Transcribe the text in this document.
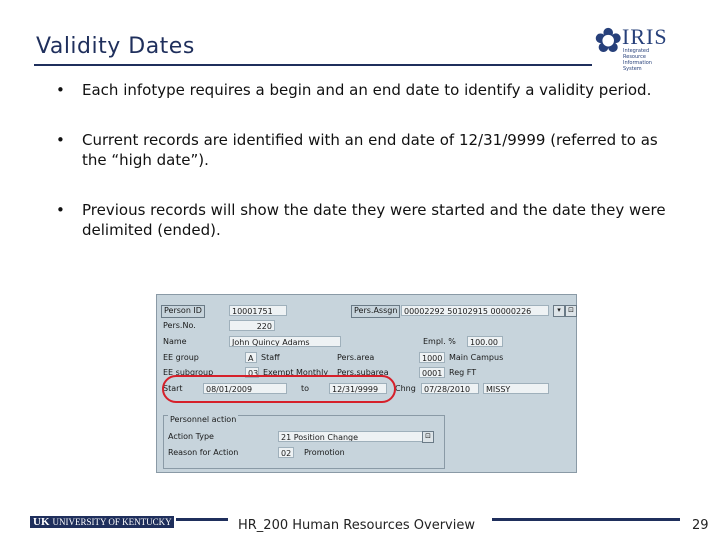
Validity Dates	✿ IRIS
Integrated Resource Information System
• Each infotype requires a begin and an end date to identify a validity period.
• Current records are identified with an end date of 12/31/9999 (referred to as the “high date”).
• Previous records will show the date they were started and the date they were delimited (ended).
Person ID	10001751	Pers.Assgn 00002292 50102915 00000226	▾	⊡
Pers.No.	220
Name	John Quincy Adams	Empl. %	100.00
EE group	A Staff	Pers.area	1000 Main Campus
EE subgroup	03 Exempt Monthly Pers.subarea	0001 Reg FT
Start	08/01/2009	to	12/31/9999	Chng	07/28/2010	MISSY
Personnel action
Action Type	21 Position Change	⊡
Reason for Action	02	Promotion
UK UNIVERSITY OF KENTUCKY	HR_200 Human Resources Overview	29
